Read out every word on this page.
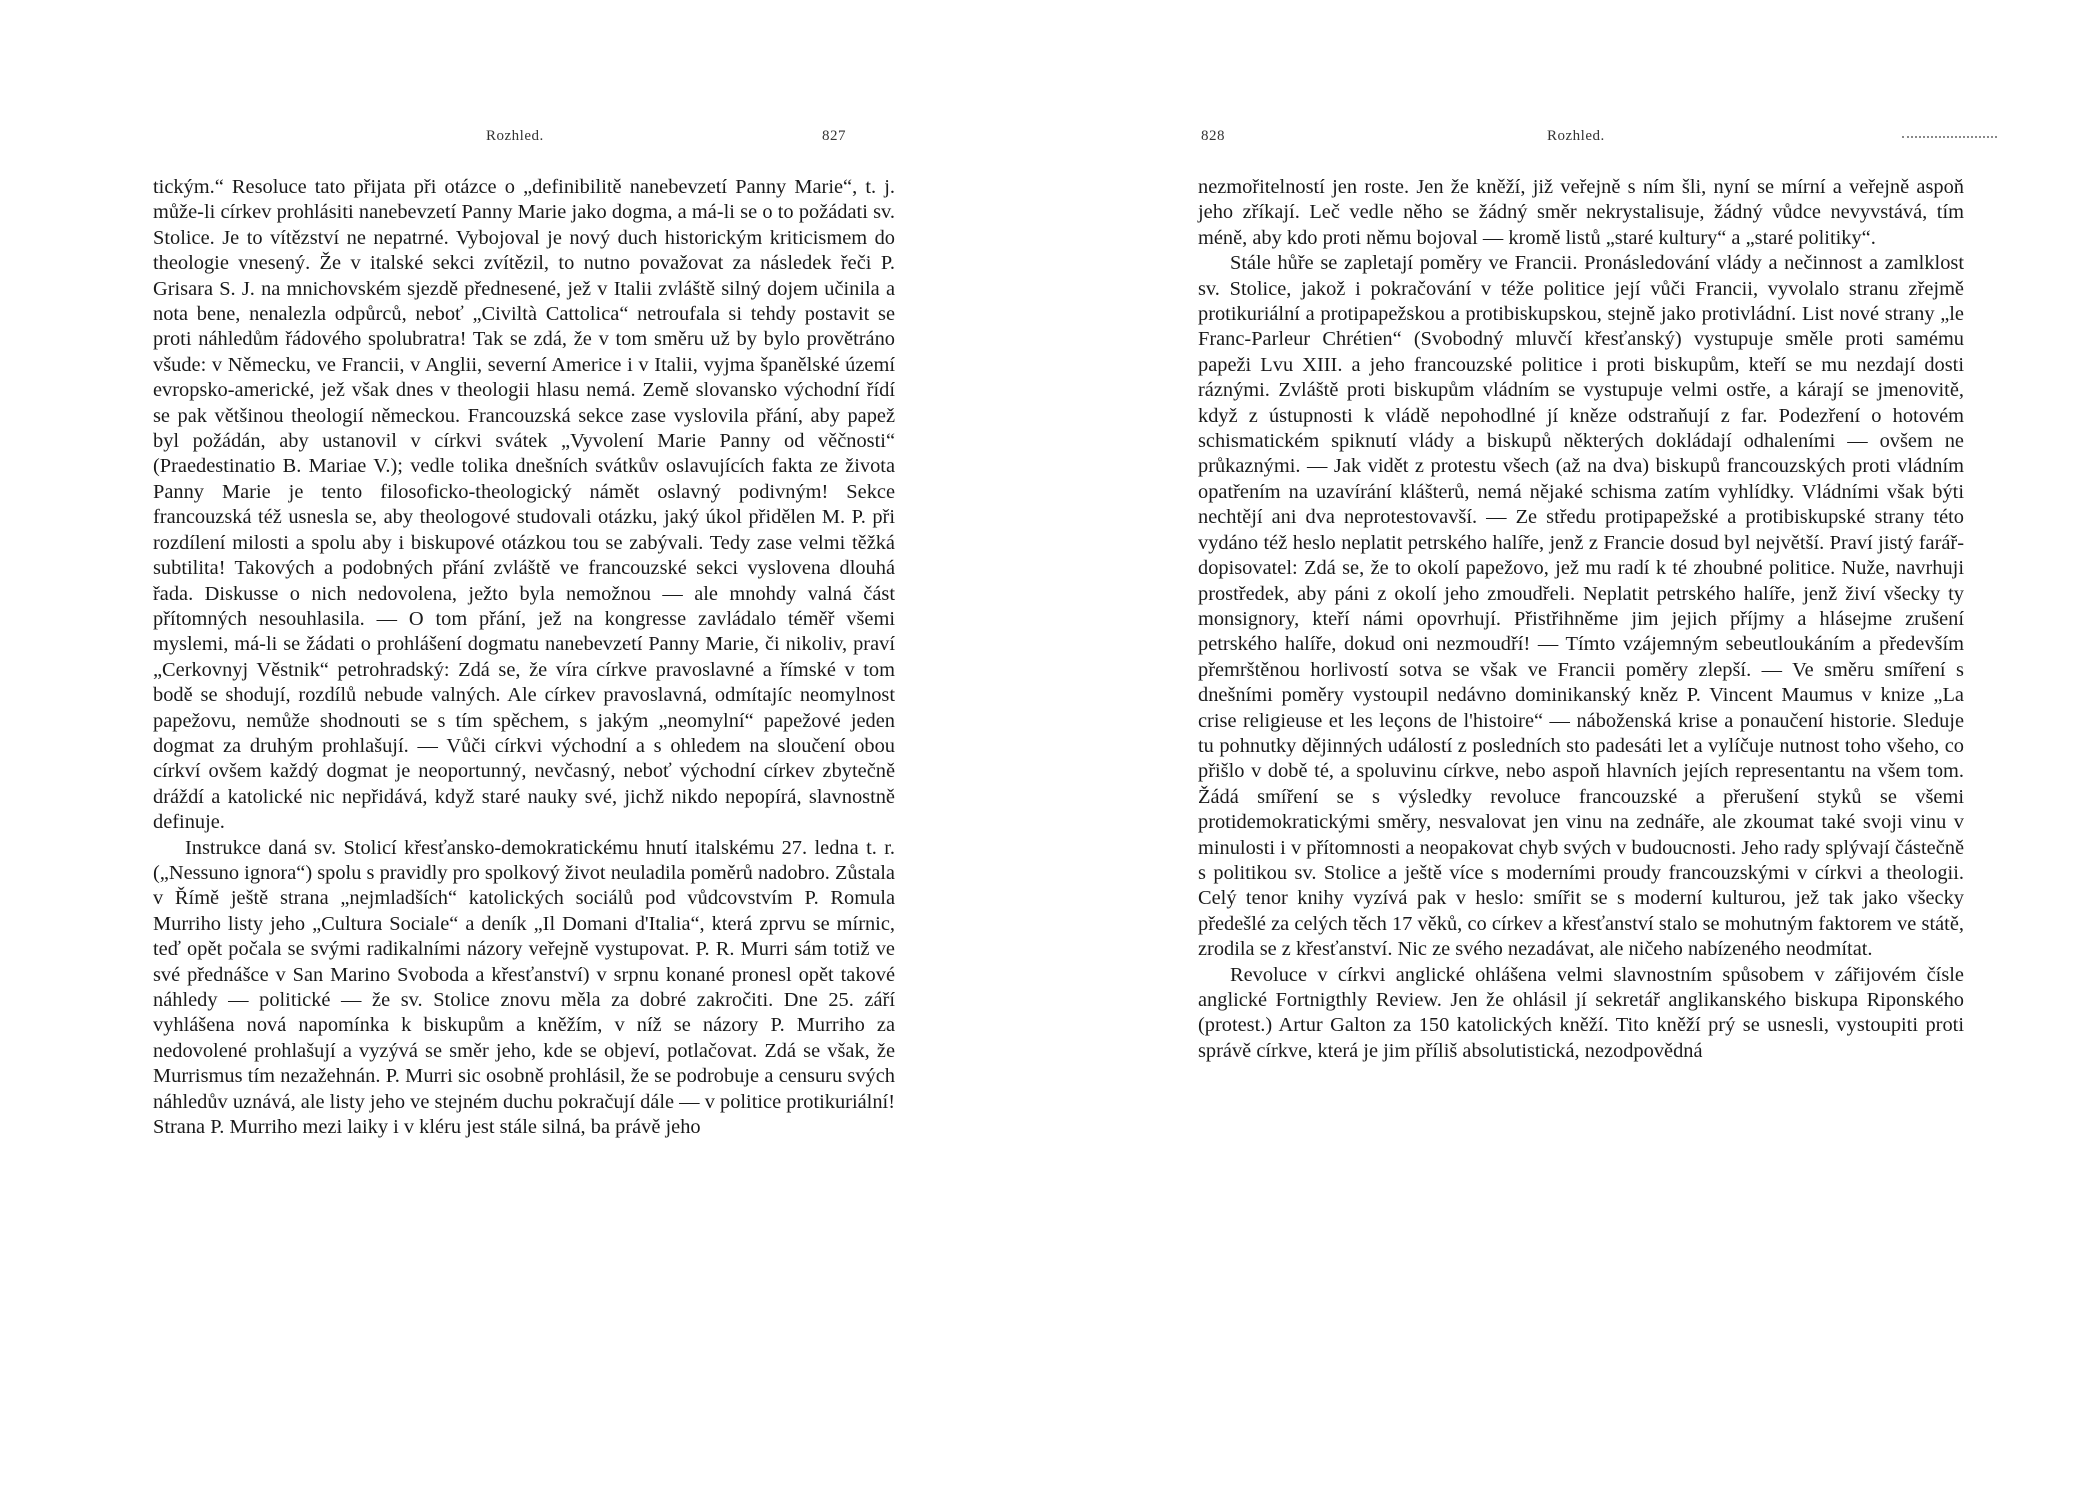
Rozhled.	827

tickým.“ Resoluce tato přijata při otázce o „definibilitě nanebevzetí Panny Marie“, t. j. může-li církev prohlásiti nanebevzetí Panny Marie jako dogma, a má-li se o to požádati sv. Stolice. Je to vítězství ne nepatrné. Vybojoval je nový duch historickým kriticismem do theologie vnesený. Že v italské sekci zvítězil, to nutno považovat za následek řeči P. Grisara S. J. na mnichovském sjezdě přednesené, jež v Italii zvláště silný dojem učinila a nota bene, nenalezla odpůrců, neboť „Civiltà Cattolica“ netroufala si tehdy postavit se proti náhledům řádového spolubratra! Tak se zdá, že v tom směru už by bylo provětráno všude: v Německu, ve Francii, v Anglii, severní Americe i v Italii, vyjma španělské území evropsko-americké, jež však dnes v theologii hlasu nemá. Země slovansko východní řídí se pak většinou theologií německou. Francouzská sekce zase vyslovila přání, aby papež byl požádán, aby ustanovil v církvi svátek „Vyvolení Marie Panny od věčnosti“ (Praedestinatio B. Mariae V.); vedle tolika dnešních svátkův oslavujících fakta ze života Panny Marie je tento filosoficko-theologický námět oslavný podivným! Sekce francouzská též usnesla se, aby theologové studovali otázku, jaký úkol přidělen M. P. při rozdílení milosti a spolu aby i biskupové otázkou tou se zabývali. Tedy zase velmi těžká subtilita! Takových a podobných přání zvláště ve francouzské sekci vyslovena dlouhá řada. Diskusse o nich nedovolena, ježto byla nemožnou — ale mnohdy valná část přítomných nesouhlasila. — O tom přání, jež na kongresse zavládalo téměř všemi myslemi, má-li se žádati o prohlášení dogmatu nanebevzetí Panny Marie, či nikoliv, praví „Cerkovnyj Věstnik“ petrohradský: Zdá se, že víra církve pravoslavné a římské v tom bodě se shodují, rozdílů nebude valných. Ale církev pravoslavná, odmítajíc neomylnost papežovu, nemůže shodnouti se s tím spěchem, s jakým „neomylní“ papežové jeden dogmat za druhým prohlašují. — Vůči církvi východní a s ohledem na sloučení obou církví ovšem každý dogmat je neoportunný, nevčasný, neboť východní církev zbytečně dráždí a katolické nic nepřidává, když staré nauky své, jichž nikdo nepopírá, slavnostně definuje.

Instrukce daná sv. Stolicí křesťansko-demokratickému hnutí italskému 27. ledna t. r. („Nessuno ignora“) spolu s pravidly pro spolkový život neuladila poměrů nadobro. Zůstala v Římě ještě strana „nejmladších“ katolických sociálů pod vůdcovstvím P. Romula Murriho listy jeho „Cultura Sociale“ a deník „Il Domani d'Italia“, která zprvu se mírnic, teď opět počala se svými radikalními názory veřejně vystupovat. P. R. Murri sám totiž ve své přednášce v San Marino Svoboda a křesťanství) v srpnu konané pronesl opět takové náhledy — politické — že sv. Stolice znovu měla za dobré zakročiti. Dne 25. září vyhlášena nová napomínka k biskupům a kněžím, v níž se názory P. Murriho za nedovolené prohlašují a vyzývá se směr jeho, kde se objeví, potlačovat. Zdá se však, že Murrismus tím nezažehnán. P. Murri sic osobně prohlásil, že se podrobuje a censuru svých náhledův uznává, ale listy jeho ve stejném duchu pokračují dále — v politice protikuriální! Strana P. Murriho mezi laiky i v kléru jest stále silná, ba právě jeho

828	Rozhled.

nezmořitelností jen roste. Jen že kněží, již veřejně s ním šli, nyní se mírní a veřejně aspoň jeho zříkají. Leč vedle něho se žádný směr nekrystalisuje, žádný vůdce nevyvstává, tím méně, aby kdo proti němu bojoval — kromě listů „staré kultury“ a „staré politiky“.

Stále hůře se zapletají poměry ve Francii. Pronásledování vlády a nečinnost a zamlklost sv. Stolice, jakož i pokračování v téže politice její vůči Francii, vyvolalo stranu zřejmě protikuriální a protipapežskou a protibiskupskou, stejně jako protivládní. List nové strany „le Franc-Parleur Chrétien“ (Svobodný mluvčí křesťanský) vystupuje směle proti samému papeži Lvu XIII. a jeho francouzské politice i proti biskupům, kteří se mu nezdají dosti ráznými. Zvláště proti biskupům vládním se vystupuje velmi ostře, a kárají se jmenovitě, když z ústupnosti k vládě nepohodlné jí kněze odstraňují z far. Podezření o hotovém schismatickém spiknutí vlády a biskupů některých dokládají odhaleními — ovšem ne průkaznými. — Jak vidět z protestu všech (až na dva) biskupů francouzských proti vládním opatřením na uzavírání klášterů, nemá nějaké schisma zatím vyhlídky. Vládními však býti nechtějí ani dva neprotestovavší. — Ze středu protipapežské a protibiskupské strany této vydáno též heslo neplatit petrského halíře, jenž z Francie dosud byl největší. Praví jistý farář-dopisovatel: Zdá se, že to okolí papežovo, jež mu radí k té zhoubné politice. Nuže, navrhuji prostředek, aby páni z okolí jeho zmoudřeli. Neplatit petrského halíře, jenž živí všecky ty monsignory, kteří námi opovrhují. Přistřihněme jim jejich příjmy a hlásejme zrušení petrského halíře, dokud oni nezmoudří! — Tímto vzájemným sebeutloukáním a především přemrštěnou horlivostí sotva se však ve Francii poměry zlepší. — Ve směru smíření s dnešními poměry vystoupil nedávno dominikanský kněz P. Vincent Maumus v knize „La crise religieuse et les leçons de l'histoire“ — náboženská krise a ponaučení historie. Sleduje tu pohnutky dějinných událostí z posledních sto padesáti let a vylíčuje nutnost toho všeho, co přišlo v době té, a spoluvinu církve, nebo aspoň hlavních jejích representantu na všem tom. Žádá smíření se s výsledky revoluce francouzské a přerušení styků se všemi protidemokratickými směry, nesvalovat jen vinu na zednáře, ale zkoumat také svoji vinu v minulosti i v přítomnosti a neopakovat chyb svých v budoucnosti. Jeho rady splývají částečně s politikou sv. Stolice a ještě více s moderními proudy francouzskými v církvi a theologii. Celý tenor knihy vyzívá pak v heslo: smířit se s moderní kulturou, jež tak jako všecky předešlé za celých těch 17 věků, co církev a křesťanství stalo se mohutným faktorem ve státě, zrodila se z křesťanství. Nic ze svého nezadávat, ale ničeho nabízeného neodmítat.

Revoluce v církvi anglické ohlášena velmi slavnostním spůsobem v zářijovém čísle anglické Fortnigthly Review. Jen že ohlásil jí sekretář anglikanského biskupa Riponského (protest.) Artur Galton za 150 katolických kněží. Tito kněží prý se usnesli, vystoupiti proti správě církve, která je jim příliš absolutistická, nezodpovědná
